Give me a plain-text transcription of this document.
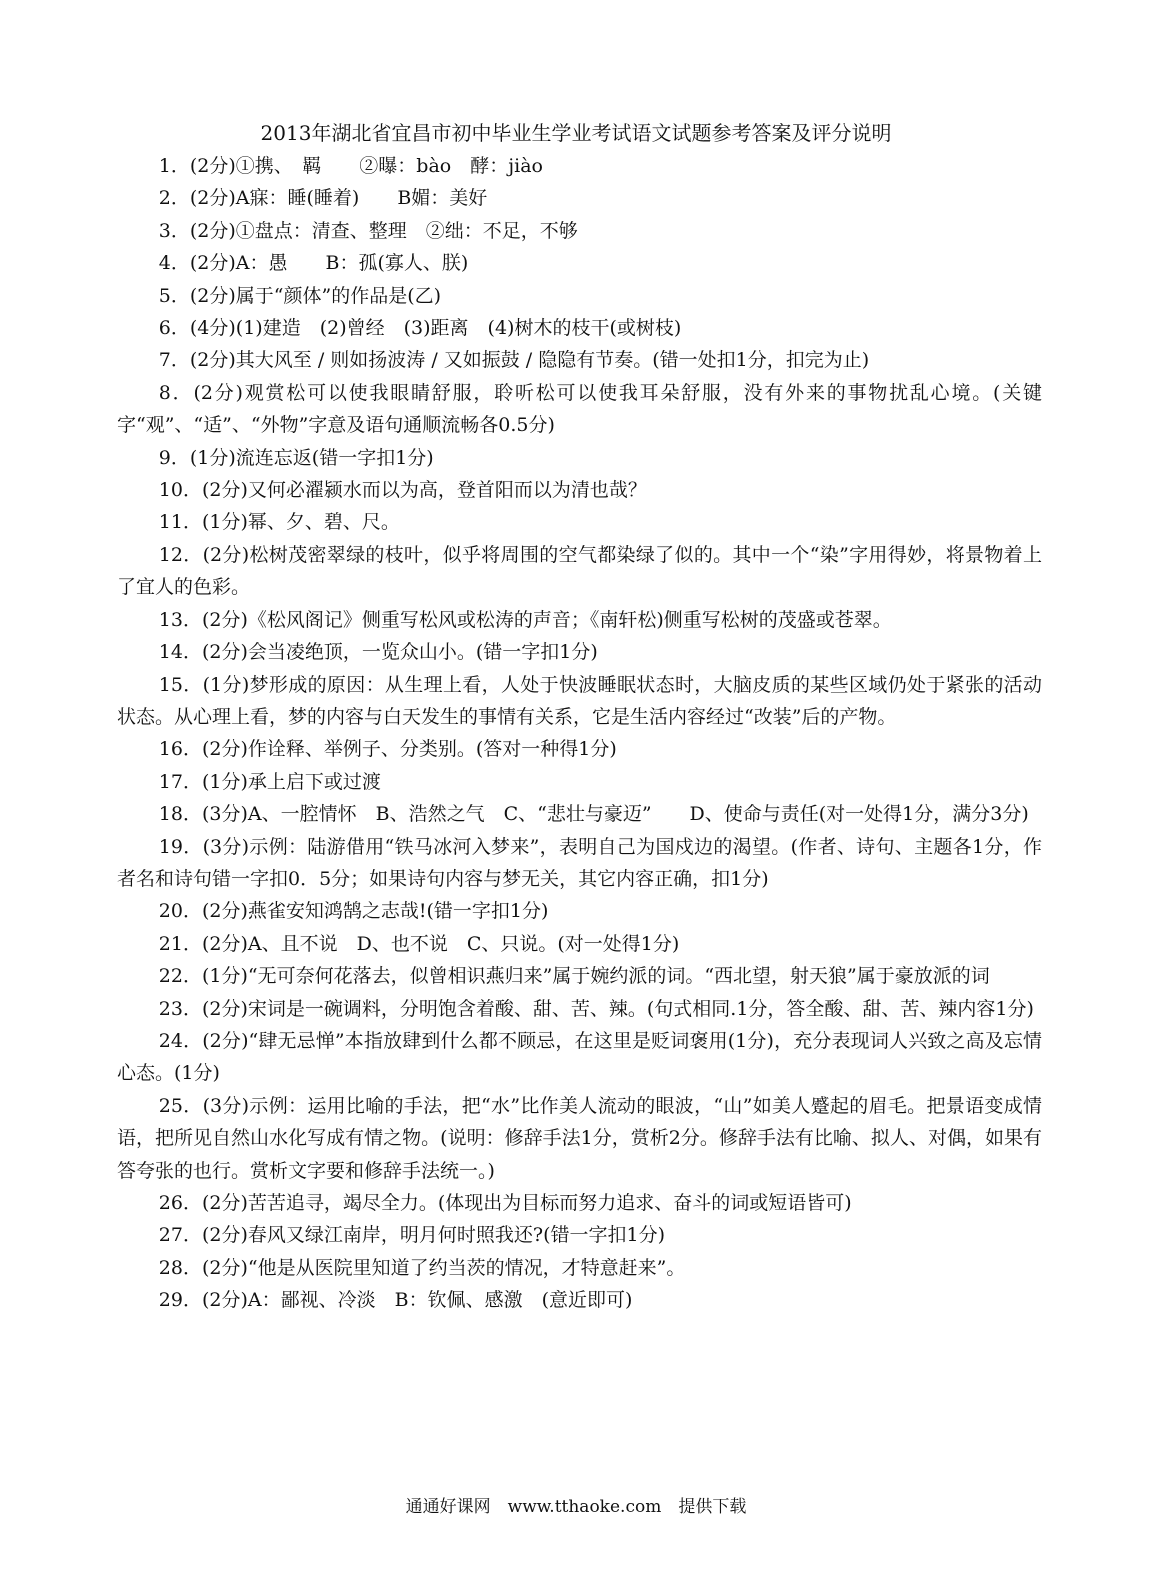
2013年湖北省宜昌市初中毕业生学业考试语文试题参考答案及评分说明
1．(2分)①携、　羁　　②曝：bào　酵：jiào
2．(2分)A寐：睡(睡着)　　B媚：美好
3．(2分)①盘点：清查、整理　②绌：不足，不够
4．(2分)A：愚　　B：孤(寡人、朕)
5．(2分)属于“颜体”的作品是(乙)
6．(4分)(1)建造　(2)曾经　(3)距离　(4)树木的枝干(或树枝)
7．(2分)其大风至 / 则如扬波涛 / 又如振鼓 / 隐隐有节奏。(错一处扣1分，扣完为止)
8．(2分)观赏松可以使我眼睛舒服，聆听松可以使我耳朵舒服，没有外来的事物扰乱心境。(关键字“观”、“适”、“外物”字意及语句通顺流畅各0.5分)
9．(1分)流连忘返(错一字扣1分)
10．(2分)又何必濯颍水而以为高，登首阳而以为清也哉？
11．(1分)幂、夕、碧、尺。
12．(2分)松树茂密翠绿的枝叶，似乎将周围的空气都染绿了似的。其中一个“染”字用得妙，将景物着上了宜人的色彩。
13．(2分)《松风阁记》侧重写松风或松涛的声音；《南轩松)侧重写松树的茂盛或苍翠。
14．(2分)会当凌绝顶，一览众山小。(错一字扣1分)
15．(1分)梦形成的原因：从生理上看，人处于快波睡眠状态时，大脑皮质的某些区域仍处于紧张的活动状态。从心理上看，梦的内容与白天发生的事情有关系，它是生活内容经过“改装”后的产物。
16．(2分)作诠释、举例子、分类别。(答对一种得1分)
17．(1分)承上启下或过渡
18．(3分)A、一腔情怀　B、浩然之气　C、“悲壮与豪迈”　　D、使命与责任(对一处得1分，满分3分)
19．(3分)示例：陆游借用“铁马冰河入梦来”，表明自己为国戍边的渴望。(作者、诗句、主题各1分，作者名和诗句错一字扣0．5分；如果诗句内容与梦无关，其它内容正确，扣1分)
20．(2分)燕雀安知鸿鹄之志哉!(错一字扣1分)
21．(2分)A、且不说　D、也不说　C、只说。(对一处得1分)
22．(1分)“无可奈何花落去，似曾相识燕归来”属于婉约派的词。“西北望，射天狼”属于豪放派的词
23．(2分)宋词是一碗调料，分明饱含着酸、甜、苦、辣。(句式相同.1分，答全酸、甜、苦、辣内容1分)
24．(2分)“肆无忌惮”本指放肆到什么都不顾忌，在这里是贬词褒用(1分)，充分表现词人兴致之高及忘情心态。(1分)
25．(3分)示例：运用比喻的手法，把“水”比作美人流动的眼波，“山”如美人蹙起的眉毛。把景语变成情语，把所见自然山水化写成有情之物。(说明：修辞手法1分，赏析2分。修辞手法有比喻、拟人、对偶，如果有答夸张的也行。赏析文字要和修辞手法统一。)
26．(2分)苦苦追寻，竭尽全力。(体现出为目标而努力追求、奋斗的词或短语皆可)
27．(2分)春风又绿江南岸，明月何时照我还?(错一字扣1分)
28．(2分)“他是从医院里知道了约当茨的情况，才特意赶来”。
29．(2分)A：鄙视、冷淡　B：钦佩、感激　(意近即可)
通通好课网　www.tthaoke.com　提供下载
